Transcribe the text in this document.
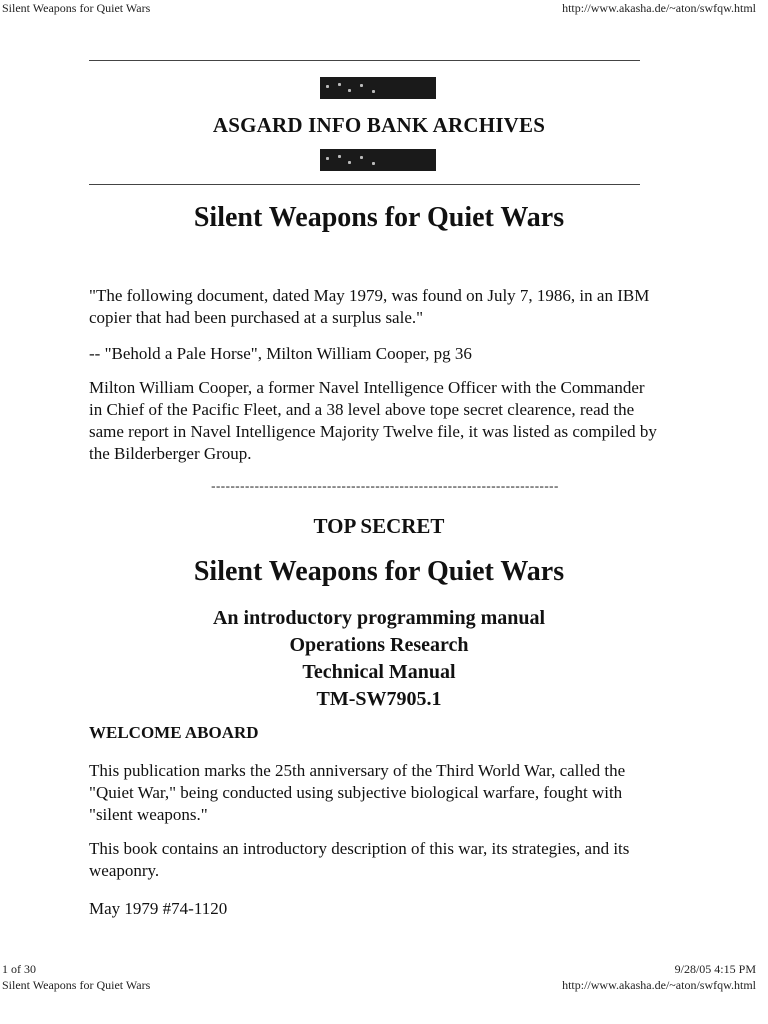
Silent Weapons for Quiet Wars	http://www.akasha.de/~aton/swfqw.html
ASGARD INFO BANK ARCHIVES
Silent Weapons for Quiet Wars

"The following document, dated May 1979, was found on July 7, 1986, in an IBM copier that had been purchased at a surplus sale."

-- "Behold a Pale Horse", Milton William Cooper, pg 36

Milton William Cooper, a former Navel Intelligence Officer with the Commander in Chief of the Pacific Fleet, and a 38 level above tope secret clearence, read the same report in Navel Intelligence Majority Twelve file, it was listed as compiled by the Bilderberger Group.

------------------------------------------------------------------------
TOP SECRET
Silent Weapons for Quiet Wars
An introductory programming manual
Operations Research
Technical Manual
TM-SW7905.1
WELCOME ABOARD

This publication marks the 25th anniversary of the Third World War, called the "Quiet War," being conducted using subjective biological warfare, fought with "silent weapons."

This book contains an introductory description of this war, its strategies, and its weaponry.

May 1979 #74-1120

1 of 30	9/28/05 4:15 PM
Silent Weapons for Quiet Wars	http://www.akasha.de/~aton/swfqw.html
